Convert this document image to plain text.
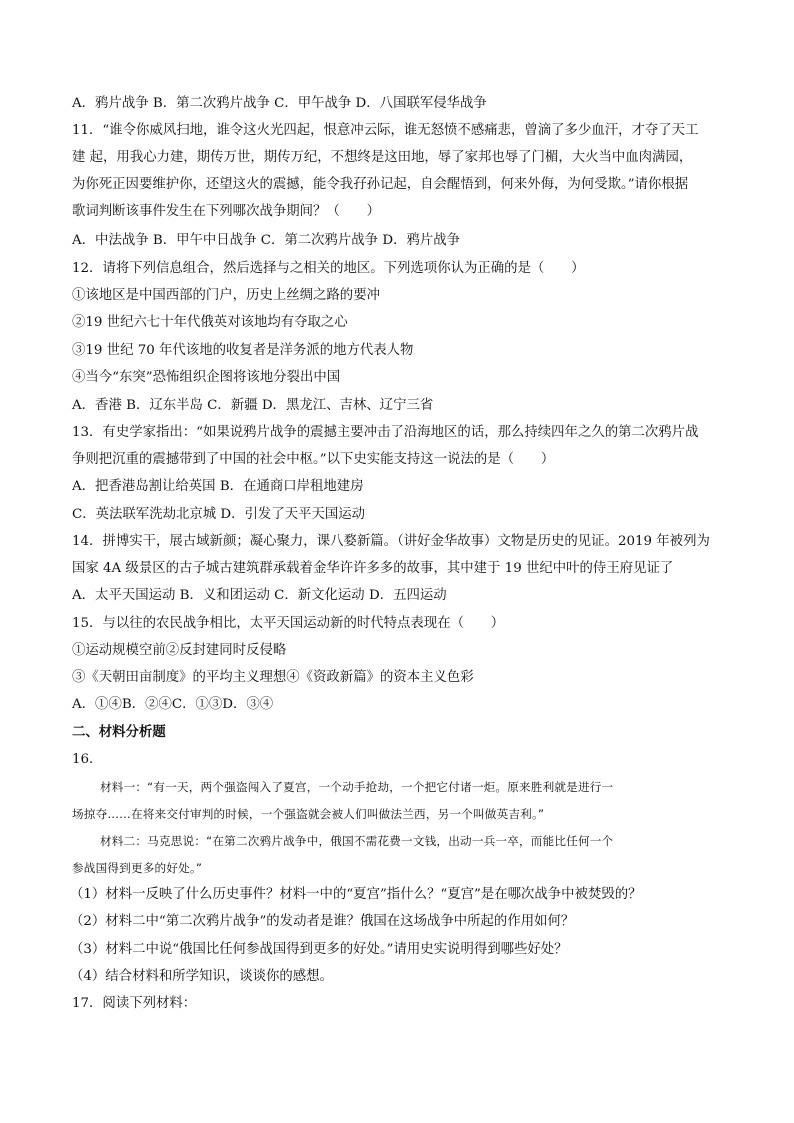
A．鸦片战争 B．第二次鸦片战争 C．甲午战争 D．八国联军侵华战争
11．“谁令你威风扫地，谁令这火光四起，恨意冲云际，谁无怒愤不感痛悲，曾滴了多少血汗，才夺了天工
建 起，用我心力建，期传万世，期传万纪，不想终是这田地，辱了家邦也辱了门楣，大火当中血肉满园，
为你死正因要维护你，还望这火的震撼，能令我孖孙记起，自会醒悟到，何来外侮，为何受欺。”请你根据
歌词判断该事件发生在下列哪次战争期间？（　　）
A．中法战争 B．甲午中日战争 C．第二次鸦片战争 D．鸦片战争
12．请将下列信息组合，然后选择与之相关的地区。下列选项你认为正确的是（　　）
①该地区是中国西部的门户，历史上丝绸之路的要冲
②19 世纪六七十年代俄英对该地均有夺取之心
③19 世纪 70 年代该地的收复者是洋务派的地方代表人物
④当今“东突”恐怖组织企图将该地分裂出中国
A．香港 B．辽东半岛 C．新疆 D．黑龙江、吉林、辽宁三省
13．有史学家指出：“如果说鸦片战争的震撼主要冲击了沿海地区的话，那么持续四年之久的第二次鸦片战
争则把沉重的震撼带到了中国的社会中枢。”以下史实能支持这一说法的是（　　）
A．把香港岛割让给英国 B．在通商口岸租地建房
C．英法联军洗劫北京城 D．引发了天平天国运动
14．拼博实干，展古域新颜；凝心聚力，课八婺新篇。（讲好金华故事）文物是历史的见证。2019 年被列为
国家 4A 级景区的古子城古建筑群承载着金华许许多多的故事，其中建于 19 世纪中叶的侍王府见证了
A．太平天国运动 B．义和团运动 C．新文化运动 D．五四运动
15．与以往的农民战争相比，太平天国运动新的时代特点表现在（　　）
①运动规模空前②反封建同时反侵略
③《天朝田亩制度》的平均主义理想④《资政新篇》的资本主义色彩
A．①④B．②④C．①③D．③④
二、材料分析题
16．
材料一：“有一天，两个强盗闯入了夏宫，一个动手抢劫，一个把它付诸一炬。原来胜利就是进行一
场掠夺……在将来交付审判的时候，一个强盗就会被人们叫做法兰西，另一个叫做英吉利。”
材料二：马克思说：“在第二次鸦片战争中，俄国不需花费一文钱，出动一兵一卒，而能比任何一个
参战国得到更多的好处。”
（1）材料一反映了什么历史事件？材料一中的“夏宫”指什么？“夏宫”是在哪次战争中被焚毁的？
（2）材料二中“第二次鸦片战争”的发动者是谁？俄国在这场战争中所起的作用如何？
（3）材料二中说“俄国比任何参战国得到更多的好处。”请用史实说明得到哪些好处？
（4）结合材料和所学知识，谈谈你的感想。
17．阅读下列材料：
